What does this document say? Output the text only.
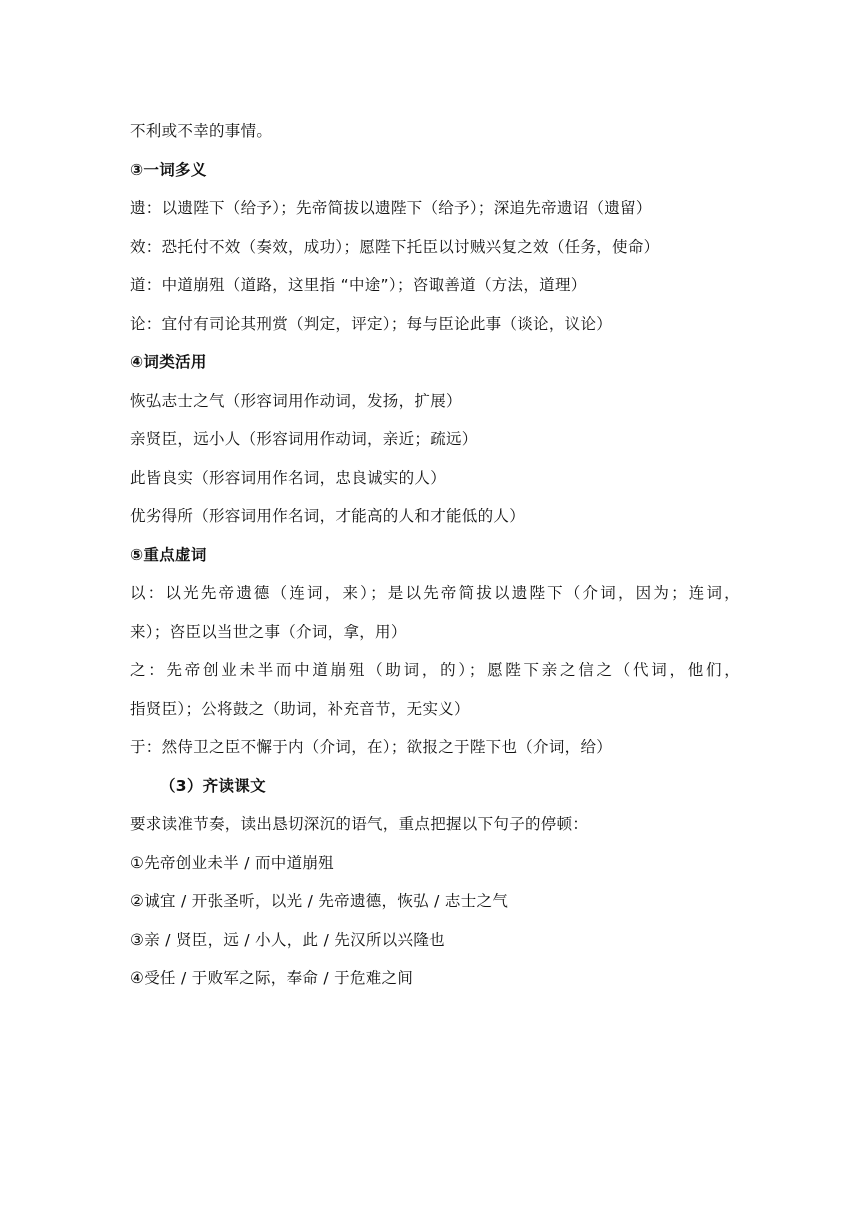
不利或不幸的事情。
③一词多义
遗：以遗陛下（给予）；先帝简拔以遗陛下（给予）；深追先帝遗诏（遗留）
效：恐托付不效（奏效，成功）；愿陛下托臣以讨贼兴复之效（任务，使命）
道：中道崩殂（道路，这里指 “中途”）；咨诹善道（方法，道理）
论：宜付有司论其刑赏（判定，评定）；每与臣论此事（谈论，议论）
④词类活用
恢弘志士之气（形容词用作动词，发扬，扩展）
亲贤臣，远小人（形容词用作动词，亲近；疏远）
此皆良实（形容词用作名词，忠良诚实的人）
优劣得所（形容词用作名词，才能高的人和才能低的人）
⑤重点虚词
以：以光先帝遗德（连词，来）；是以先帝简拔以遗陛下（介词，因为；连词，
来）；咨臣以当世之事（介词，拿，用）
之：先帝创业未半而中道崩殂（助词，的）；愿陛下亲之信之（代词，他们，
指贤臣）；公将鼓之（助词，补充音节，无实义）
于：然侍卫之臣不懈于内（介词，在）；欲报之于陛下也（介词，给）
（3）齐读课文
要求读准节奏，读出恳切深沉的语气，重点把握以下句子的停顿：
①先帝创业未半 / 而中道崩殂
②诚宜 / 开张圣听，以光 / 先帝遗德，恢弘 / 志士之气
③亲 / 贤臣，远 / 小人，此 / 先汉所以兴隆也
④受任 / 于败军之际，奉命 / 于危难之间
